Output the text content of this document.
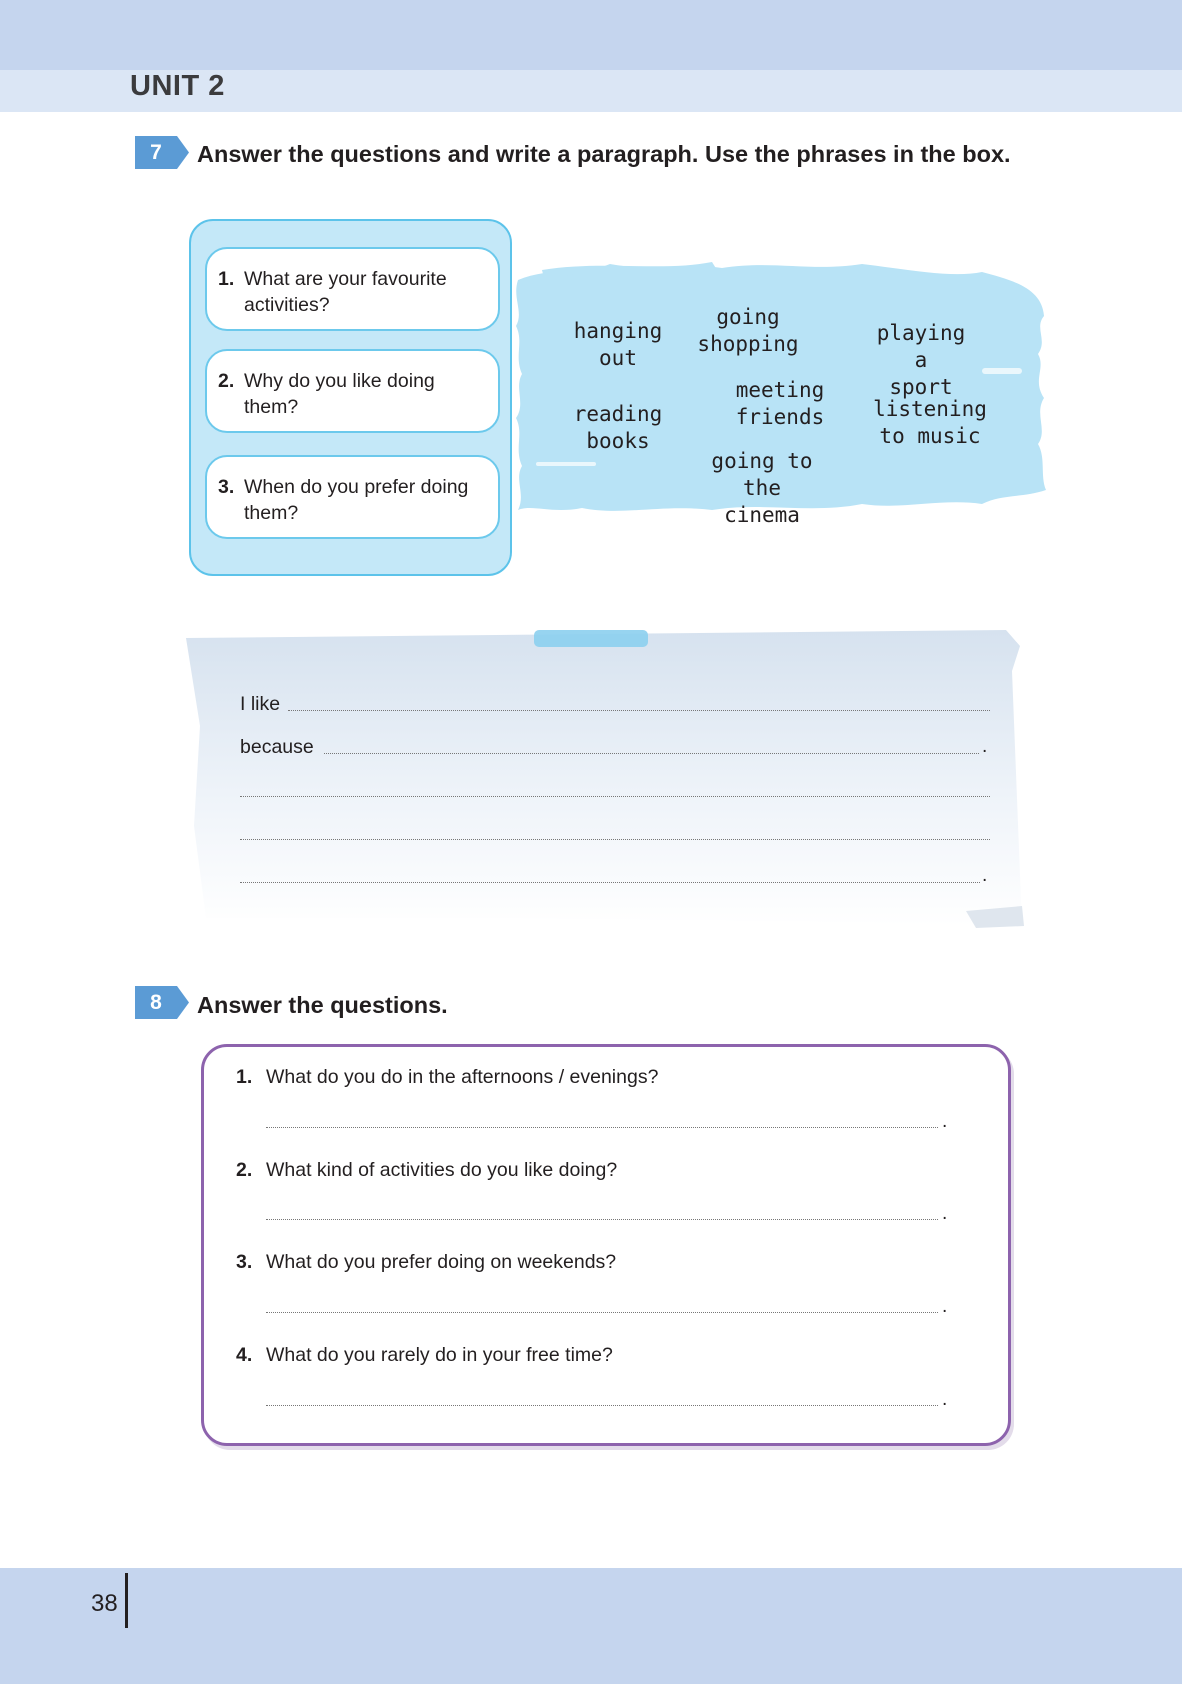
UNIT 2
7	Answer the questions and write a paragraph. Use the phrases in the box.
1. What are your favourite activities?
2. Why do you like doing them?
3. When do you prefer doing them?
hanging
out
going
shopping	playing a
sport
meeting
friends
reading
books
listening
to music
going to the
cinema
I like
because	.
.
8	Answer the questions.
1. What do you do in the afternoons / evenings?
.
2. What kind of activities do you like doing?
.
3. What do you prefer doing on weekends?
.
4. What do you rarely do in your free time?
.
38
